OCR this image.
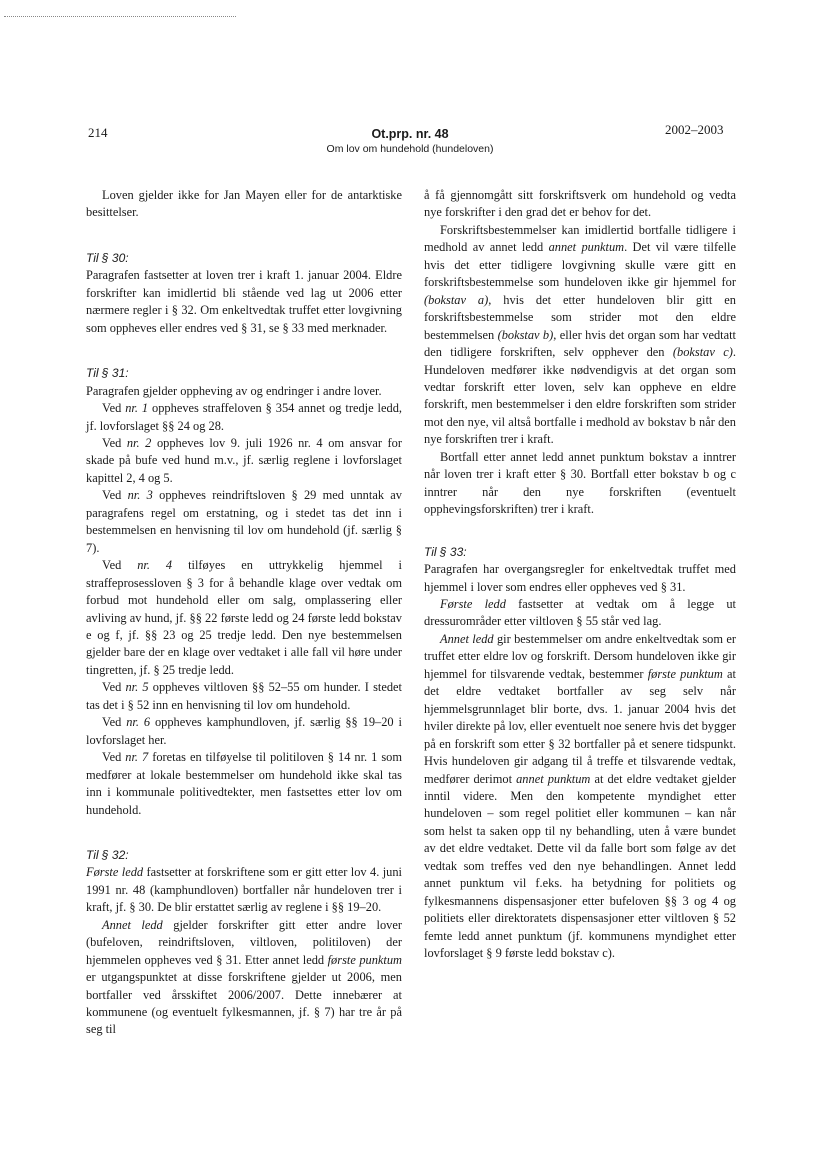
214	Ot.prp. nr. 48
Om lov om hundehold (hundeloven)
2002–2003

Loven gjelder ikke for Jan Mayen eller for de antarktiske besittelser.

Til § 30:

Paragrafen fastsetter at loven trer i kraft 1. januar 2004. Eldre forskrifter kan imidlertid bli stående ved lag ut 2006 etter nærmere regler i § 32. Om enkeltvedtak truffet etter lovgivning som oppheves eller endres ved § 31, se § 33 med merknader.

Til § 31:

Paragrafen gjelder oppheving av og endringer i andre lover.

Ved nr. 1 oppheves straffeloven § 354 annet og tredje ledd, jf. lovforslaget §§ 24 og 28.

Ved nr. 2 oppheves lov 9. juli 1926 nr. 4 om ansvar for skade på bufe ved hund m.v., jf. særlig reglene i lovforslaget kapittel 2, 4 og 5.

Ved nr. 3 oppheves reindriftsloven § 29 med unntak av paragrafens regel om erstatning, og i stedet tas det inn i bestemmelsen en henvisning til lov om hundehold (jf. særlig § 7).

Ved nr. 4 tilføyes en uttrykkelig hjemmel i straffeprosessloven § 3 for å behandle klage over vedtak om forbud mot hundehold eller om salg, omplassering eller avliving av hund, jf. §§ 22 første ledd og 24 første ledd bokstav e og f, jf. §§ 23 og 25 tredje ledd. Den nye bestemmelsen gjelder bare der en klage over vedtaket i alle fall vil høre under tingretten, jf. § 25 tredje ledd.

Ved nr. 5 oppheves viltloven §§ 52–55 om hunder. I stedet tas det i § 52 inn en henvisning til lov om hundehold.

Ved nr. 6 oppheves kamphundloven, jf. særlig §§ 19–20 i lovforslaget her.

Ved nr. 7 foretas en tilføyelse til politiloven § 14 nr. 1 som medfører at lokale bestemmelser om hundehold ikke skal tas inn i kommunale politivedtekter, men fastsettes etter lov om hundehold.

Til § 32:

Første ledd fastsetter at forskriftene som er gitt etter lov 4. juni 1991 nr. 48 (kamphundloven) bortfaller når hundeloven trer i kraft, jf. § 30. De blir erstattet særlig av reglene i §§ 19–20.

Annet ledd gjelder forskrifter gitt etter andre lover (bufeloven, reindriftsloven, viltloven, politiloven) der hjemmelen oppheves ved § 31. Etter annet ledd første punktum er utgangspunktet at disse forskriftene gjelder ut 2006, men bortfaller ved årsskiftet 2006/2007. Dette innebærer at kommunene (og eventuelt fylkesmannen, jf. § 7) har tre år på seg til

å få gjennomgått sitt forskriftsverk om hundehold og vedta nye forskrifter i den grad det er behov for det.

Forskriftsbestemmelser kan imidlertid bortfalle tidligere i medhold av annet ledd annet punktum. Det vil være tilfelle hvis det etter tidligere lovgivning skulle være gitt en forskriftsbestemmelse som hundeloven ikke gir hjemmel for (bokstav a), hvis det etter hundeloven blir gitt en forskriftsbestemmelse som strider mot den eldre bestemmelsen (bokstav b), eller hvis det organ som har vedtatt den tidligere forskriften, selv opphever den (bokstav c). Hundeloven medfører ikke nødvendigvis at det organ som vedtar forskrift etter loven, selv kan oppheve en eldre forskrift, men bestemmelser i den eldre forskriften som strider mot den nye, vil altså bortfalle i medhold av bokstav b når den nye forskriften trer i kraft.

Bortfall etter annet ledd annet punktum bokstav a inntrer når loven trer i kraft etter § 30. Bortfall etter bokstav b og c inntrer når den nye forskriften (eventuelt opphevingsforskriften) trer i kraft.

Til § 33:

Paragrafen har overgangsregler for enkeltvedtak truffet med hjemmel i lover som endres eller oppheves ved § 31.

Første ledd fastsetter at vedtak om å legge ut dressurområder etter viltloven § 55 står ved lag.

Annet ledd gir bestemmelser om andre enkeltvedtak som er truffet etter eldre lov og forskrift. Dersom hundeloven ikke gir hjemmel for tilsvarende vedtak, bestemmer første punktum at det eldre vedtaket bortfaller av seg selv når hjemmelsgrunnlaget blir borte, dvs. 1. januar 2004 hvis det hviler direkte på lov, eller eventuelt noe senere hvis det bygger på en forskrift som etter § 32 bortfaller på et senere tidspunkt. Hvis hundeloven gir adgang til å treffe et tilsvarende vedtak, medfører derimot annet punktum at det eldre vedtaket gjelder inntil videre. Men den kompetente myndighet etter hundeloven – som regel politiet eller kommunen – kan når som helst ta saken opp til ny behandling, uten å være bundet av det eldre vedtaket. Dette vil da falle bort som følge av det vedtak som treffes ved den nye behandlingen. Annet ledd annet punktum vil f.eks. ha betydning for politiets og fylkesmannens dispensasjoner etter bufeloven §§ 3 og 4 og politiets eller direktoratets dispensasjoner etter viltloven § 52 femte ledd annet punktum (jf. kommunens myndighet etter lovforslaget § 9 første ledd bokstav c).
